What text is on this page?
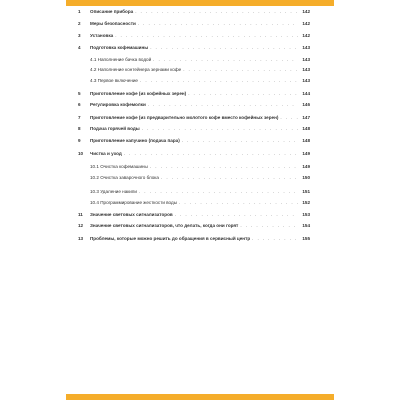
1	Описание прибора . . .	142
2	Меры безопасности . . .	142
3	Установка . . .	142
4	Подготовка кофемашины . . .	143
4.1 Наполнение бачка водой . . .	143
4.2 Наполнение контейнера зернами кофе . . .	143
4.3 Первое включение . . .	143
5	Приготовление кофе (из кофейных зерен) . . .	144
6	Регулировка кофемолки . . .	146
7	Приготовление кофе (из предварительно молотого кофе вместо кофейных зерен) . . .	147
8	Подача горячей воды . . .	148
9	Приготовление капучино (подача пара) . . .	148
10	Чистка и уход . . .	149
10.1 Очистка кофемашины . . .	149
10.2 Очистка заварочного блока . . .	150
10.3 Удаление накипи . . .	151
10.4 Программирование жесткости воды . . .	152
11	Значение световых сигнализаторов . . .	153
12	Значение световых сигнализаторов, что делать, когда они горят . . .	154
13	Проблемы, которые можно решить до обращения в сервисный центр . . .	155
